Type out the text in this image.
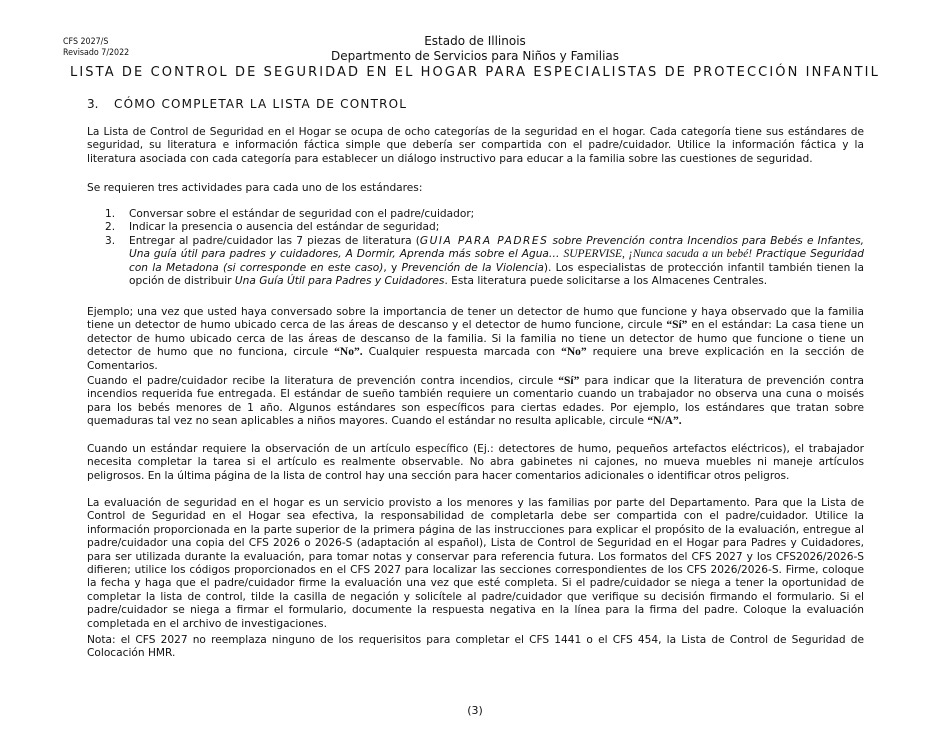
CFS 2027/S
Revisado 7/2022
Estado de Illinois
Departmento de Servicios para Niños y Familias
LISTA DE CONTROL DE SEGURIDAD EN EL HOGAR PARA ESPECIALISTAS DE PROTECCIÓN INFANTIL
3. CÓMO COMPLETAR LA LISTA DE CONTROL

La Lista de Control de Seguridad en el Hogar se ocupa de ocho categorías de la seguridad en el hogar. Cada categoría tiene sus estándares de seguridad, su literatura e información fáctica simple que debería ser compartida con el padre/cuidador. Utilice la información fáctica y la literatura asociada con cada categoría para establecer un diálogo instructivo para educar a la familia sobre las cuestiones de seguridad.

Se requieren tres actividades para cada uno de los estándares:

1.	Conversar sobre el estándar de seguridad con el padre/cuidador;
2.	Indicar la presencia o ausencia del estándar de seguridad;
3.	Entregar al padre/cuidador las 7 piezas de literatura (GUIA PARA PADRES sobre Prevención contra Incendios para Bebés e Infantes, Una guía útil para padres y cuidadores, A Dormir, Aprenda más sobre el Agua… SUPERVISE, ¡Nunca sacuda a un bebé! Practique Seguridad con la Metadona (si corresponde en este caso), y Prevención de la Violencia). Los especialistas de protección infantil también tienen la opción de distribuir Una Guía Útil para Padres y Cuidadores. Esta literatura puede solicitarse a los Almacenes Centrales.

Ejemplo; una vez que usted haya conversado sobre la importancia de tener un detector de humo que funcione y haya observado que la familia tiene un detector de humo ubicado cerca de las áreas de descanso y el detector de humo funcione, circule “Sí” en el estándar: La casa tiene un detector de humo ubicado cerca de las áreas de descanso de la familia. Si la familia no tiene un detector de humo que funcione o tiene un detector de humo que no funciona, circule “No”. Cualquier respuesta marcada con “No” requiere una breve explicación en la sección de Comentarios.

Cuando el padre/cuidador recibe la literatura de prevención contra incendios, circule “Sí” para indicar que la literatura de prevención contra incendios requerida fue entregada. El estándar de sueño también requiere un comentario cuando un trabajador no observa una cuna o moisés para los bebés menores de 1 año. Algunos estándares son específicos para ciertas edades. Por ejemplo, los estándares que tratan sobre quemaduras tal vez no sean aplicables a niños mayores. Cuando el estándar no resulta aplicable, circule “N/A”.

Cuando un estándar requiere la observación de un artículo específico (Ej.: detectores de humo, pequeños artefactos eléctricos), el trabajador necesita completar la tarea si el artículo es realmente observable. No abra gabinetes ni cajones, no mueva muebles ni maneje artículos peligrosos. En la última página de la lista de control hay una sección para hacer comentarios adicionales o identificar otros peligros.

La evaluación de seguridad en el hogar es un servicio provisto a los menores y las familias por parte del Departamento. Para que la Lista de Control de Seguridad en el Hogar sea efectiva, la responsabilidad de completarla debe ser compartida con el padre/cuidador. Utilice la información proporcionada en la parte superior de la primera página de las instrucciones para explicar el propósito de la evaluación, entregue al padre/cuidador una copia del CFS 2026 o 2026-S (adaptación al español), Lista de Control de Seguridad en el Hogar para Padres y Cuidadores, para ser utilizada durante la evaluación, para tomar notas y conservar para referencia futura. Los formatos del CFS 2027 y los CFS2026/2026-S difieren; utilice los códigos proporcionados en el CFS 2027 para localizar las secciones correspondientes de los CFS 2026/2026-S. Firme, coloque la fecha y haga que el padre/cuidador firme la evaluación una vez que esté completa. Si el padre/cuidador se niega a tener la oportunidad de completar la lista de control, tilde la casilla de negación y solicítele al padre/cuidador que verifique su decisión firmando el formulario. Si el padre/cuidador se niega a firmar el formulario, documente la respuesta negativa en la línea para la firma del padre. Coloque la evaluación completada en el archivo de investigaciones.

Nota: el CFS 2027 no reemplaza ninguno de los requerisitos para completar el CFS 1441 o el CFS 454, la Lista de Control de Seguridad de Colocación HMR.

(3)
